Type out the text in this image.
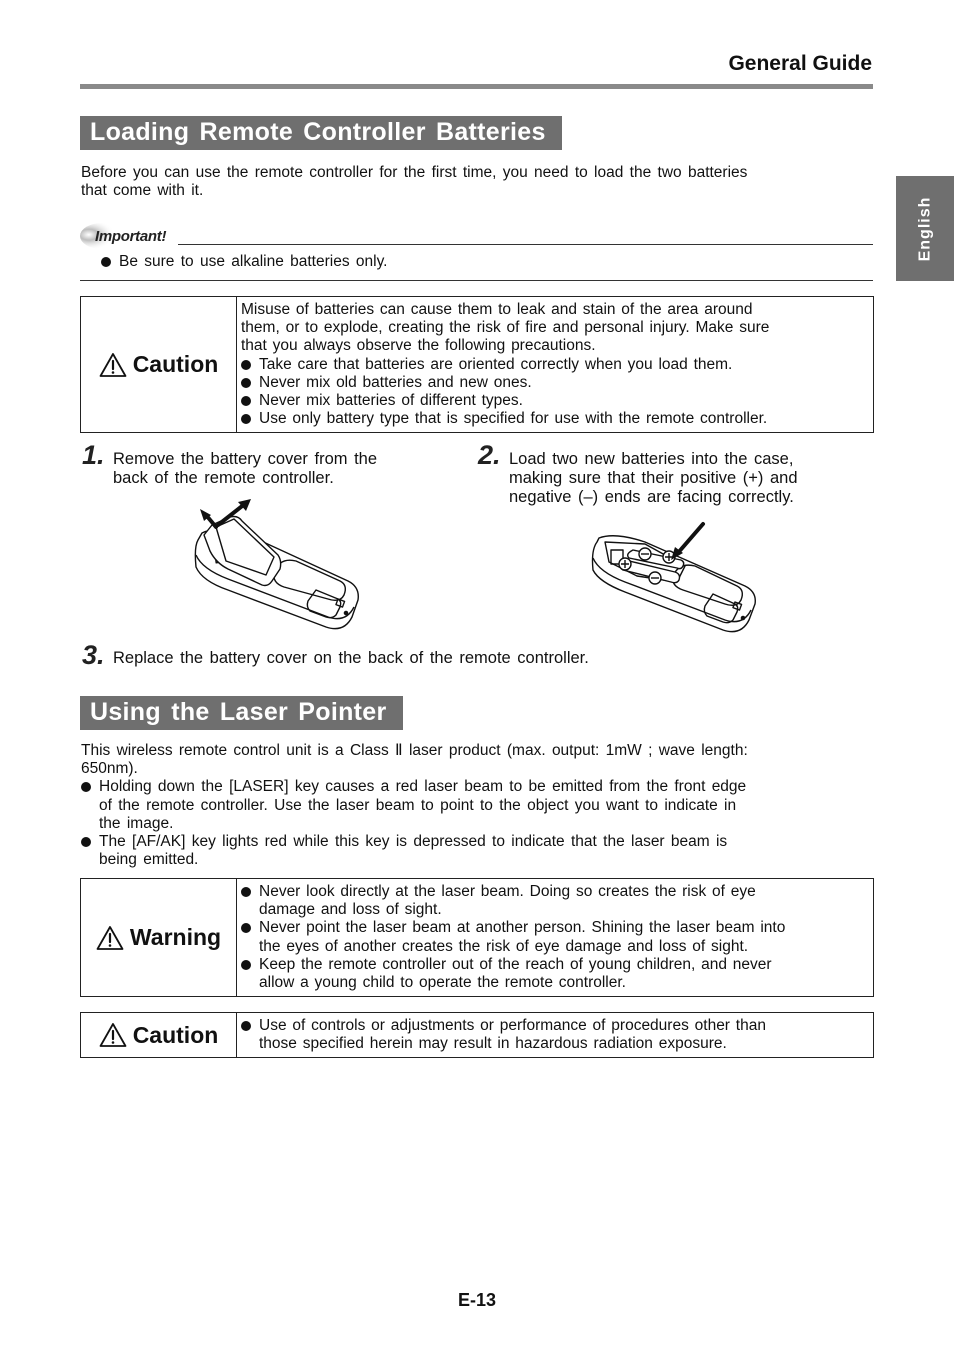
General Guide
English
Loading Remote Controller Batteries
Before you can use the remote controller for the first time, you need to load the two batteries
that come with it.
Important!
Be sure to use alkaline batteries only.
Caution
Misuse of batteries can cause them to leak and stain of the area around
them, or to explode, creating the risk of fire and personal injury. Make sure
that you always observe the following precautions.
Take care that batteries are oriented correctly when you load them.
Never mix old batteries and new ones.
Never mix batteries of different types.
Use only battery type that is specified for use with the remote controller.
1. Remove the battery cover from the
back of the remote controller.
2. Load two new batteries into the case,
making sure that their positive (+) and
negative (–) ends are facing correctly.
3. Replace the battery cover on the back of the remote controller.
Using the Laser Pointer
This wireless remote control unit is a Class Ⅱ laser product (max. output: 1mW ; wave length:
650nm).
Holding down the [LASER] key causes a red laser beam to be emitted from the front edge
of the remote controller. Use the laser beam to point to the object you want to indicate in
the image.
The [AF/AK] key lights red while this key is depressed to indicate that the laser beam is
being emitted.
Warning
Never look directly at the laser beam. Doing so creates the risk of eye
damage and loss of sight.
Never point the laser beam at another person. Shining the laser beam into
the eyes of another creates the risk of eye damage and loss of sight.
Keep the remote controller out of the reach of young children, and never
allow a young child to operate the remote controller.
Caution	Use of controls or adjustments or performance of procedures other than
those specified herein may result in hazardous radiation exposure.
E-13
